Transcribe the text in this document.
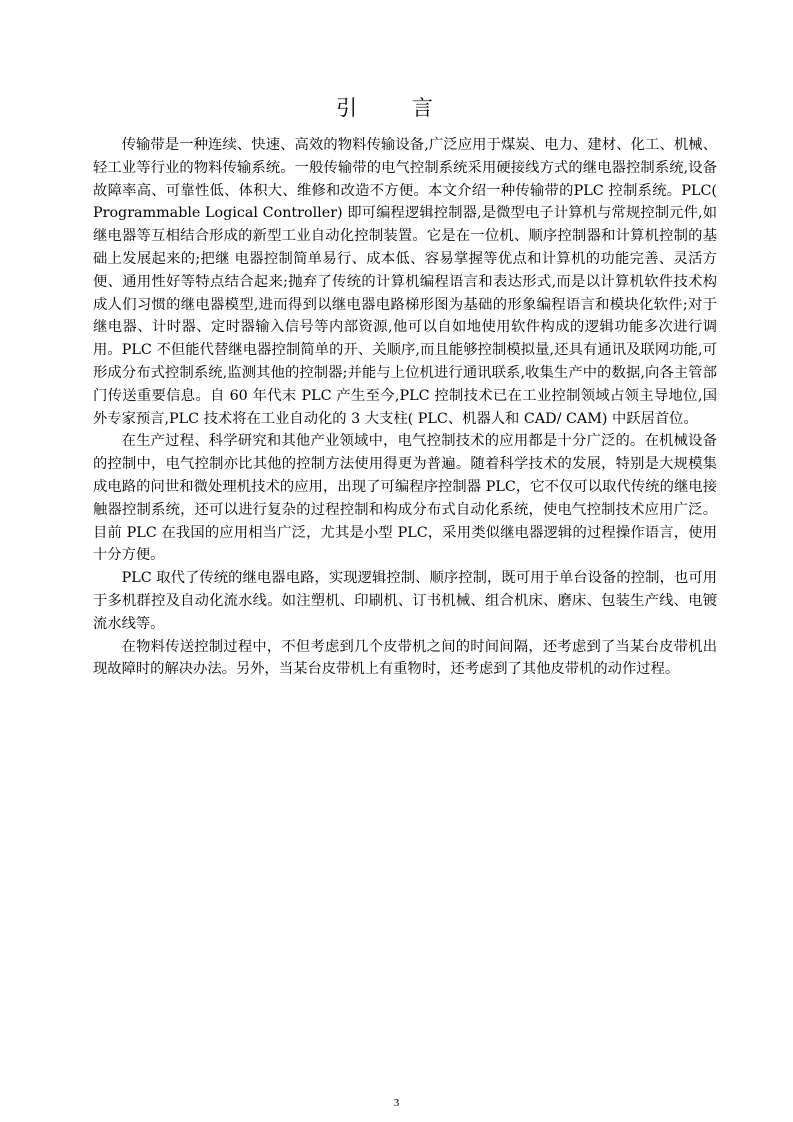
引 言

传输带是一种连续、快速、高效的物料传输设备,广泛应用于煤炭、电力、建材、化工、机械、轻工业等行业的物料传输系统。一般传输带的电气控制系统采用硬接线方式的继电器控制系统,设备故障率高、可靠性低、体积大、维修和改造不方便。本文介绍一种传输带的PLC 控制系统。PLC( Programmable Logical Controller) 即可编程逻辑控制器,是微型电子计算机与常规控制元件,如继电器等互相结合形成的新型工业自动化控制装置。它是在一位机、顺序控制器和计算机控制的基础上发展起来的;把继 电器控制简单易行、成本低、容易掌握等优点和计算机的功能完善、灵活方便、通用性好等特点结合起来;抛弃了传统的计算机编程语言和表达形式,而是以计算机软件技术构成人们习惯的继电器模型,进而得到以继电器电路梯形图为基础的形象编程语言和模块化软件;对于继电器、计时器、定时器输入信号等内部资源,他可以自如地使用软件构成的逻辑功能多次进行调用。PLC 不但能代替继电器控制简单的开、关顺序,而且能够控制模拟量,还具有通讯及联网功能,可形成分布式控制系统,监测其他的控制器;并能与上位机进行通讯联系,收集生产中的数据,向各主管部门传送重要信息。自 60 年代末 PLC 产生至今,PLC 控制技术已在工业控制领域占领主导地位,国外专家预言,PLC 技术将在工业自动化的 3 大支柱( PLC、机器人和 CAD/ CAM) 中跃居首位。

在生产过程、科学研究和其他产业领域中，电气控制技术的应用都是十分广泛的。在机械设备的控制中，电气控制亦比其他的控制方法使用得更为普遍。随着科学技术的发展，特别是大规模集成电路的问世和微处理机技术的应用，出现了可编程序控制器 PLC，它不仅可以取代传统的继电接触器控制系统，还可以进行复杂的过程控制和构成分布式自动化系统，使电气控制技术应用广泛。目前 PLC 在我国的应用相当广泛，尤其是小型 PLC，采用类似继电器逻辑的过程操作语言，使用十分方便。

PLC 取代了传统的继电器电路，实现逻辑控制、顺序控制，既可用于单台设备的控制，也可用于多机群控及自动化流水线。如注塑机、印刷机、订书机械、组合机床、磨床、包装生产线、电镀流水线等。

在物料传送控制过程中，不但考虑到几个皮带机之间的时间间隔，还考虑到了当某台皮带机出现故障时的解决办法。另外，当某台皮带机上有重物时，还考虑到了其他皮带机的动作过程。

3
